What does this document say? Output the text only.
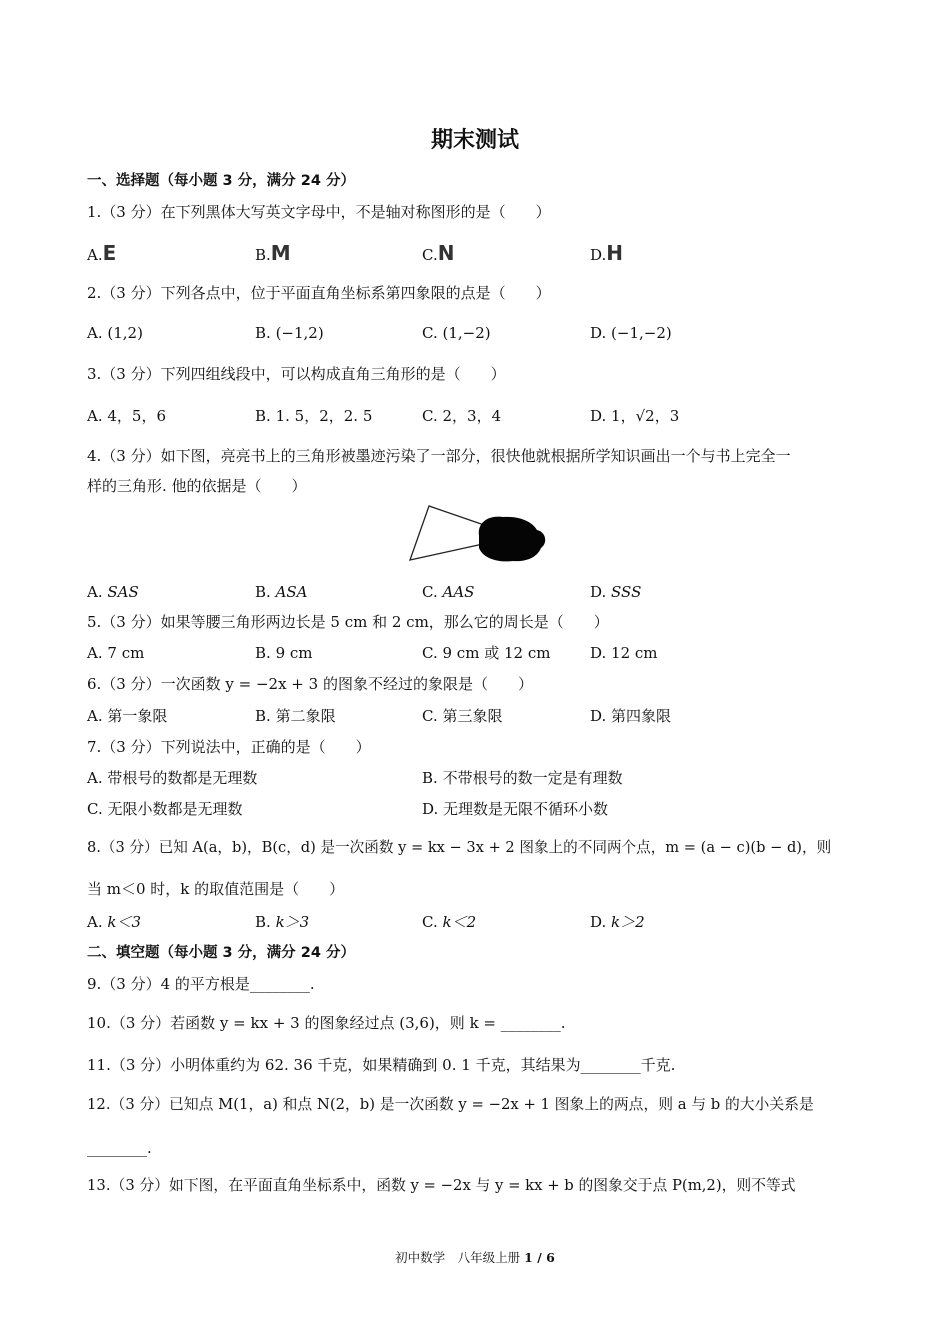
期末测试
一、选择题（每小题 3 分，满分 24 分）
1.（3 分）在下列黑体大写英文字母中，不是轴对称图形的是（　　）
A.E	B.M	C.N	D.H
2.（3 分）下列各点中，位于平面直角坐标系第四象限的点是（　　）
A. (1,2)	B. (−1,2)	C. (1,−2)	D. (−1,−2)
3.（3 分）下列四组线段中，可以构成直角三角形的是（　　）
A. 4，5，6	B. 1. 5，2，2. 5	C. 2，3，4	D. 1，√2，3
4.（3 分）如下图，亮亮书上的三角形被墨迹污染了一部分，很快他就根据所学知识画出一个与书上完全一
样的三角形. 他的依据是（　　）
A. SAS	B. ASA	C. AAS	D. SSS
5.（3 分）如果等腰三角形两边长是 5 cm 和 2 cm，那么它的周长是（　　）
A. 7 cm	B. 9 cm	C. 9 cm 或 12 cm	D. 12 cm
6.（3 分）一次函数 y = −2x + 3 的图象不经过的象限是（　　）
A. 第一象限	B. 第二象限	C. 第三象限	D. 第四象限
7.（3 分）下列说法中，正确的是（　　）
A. 带根号的数都是无理数	B. 不带根号的数一定是有理数
C. 无限小数都是无理数	D. 无理数是无限不循环小数
8.（3 分）已知 A(a，b)，B(c，d) 是一次函数 y = kx − 3x + 2 图象上的不同两个点，m = (a − c)(b − d)，则
当 m＜0 时，k 的取值范围是（　　）
A. k＜3	B. k＞3	C. k＜2	D. k＞2
二、填空题（每小题 3 分，满分 24 分）
9.（3 分）4 的平方根是________.
10.（3 分）若函数 y = kx + 3 的图象经过点 (3,6)，则 k = ________.
11.（3 分）小明体重约为 62. 36 千克，如果精确到 0. 1 千克，其结果为________千克.
12.（3 分）已知点 M(1，a) 和点 N(2，b) 是一次函数 y = −2x + 1 图象上的两点，则 a 与 b 的大小关系是
________.
13.（3 分）如下图，在平面直角坐标系中，函数 y = −2x 与 y = kx + b 的图象交于点 P(m,2)，则不等式
初中数学　八年级上册 1 / 6
